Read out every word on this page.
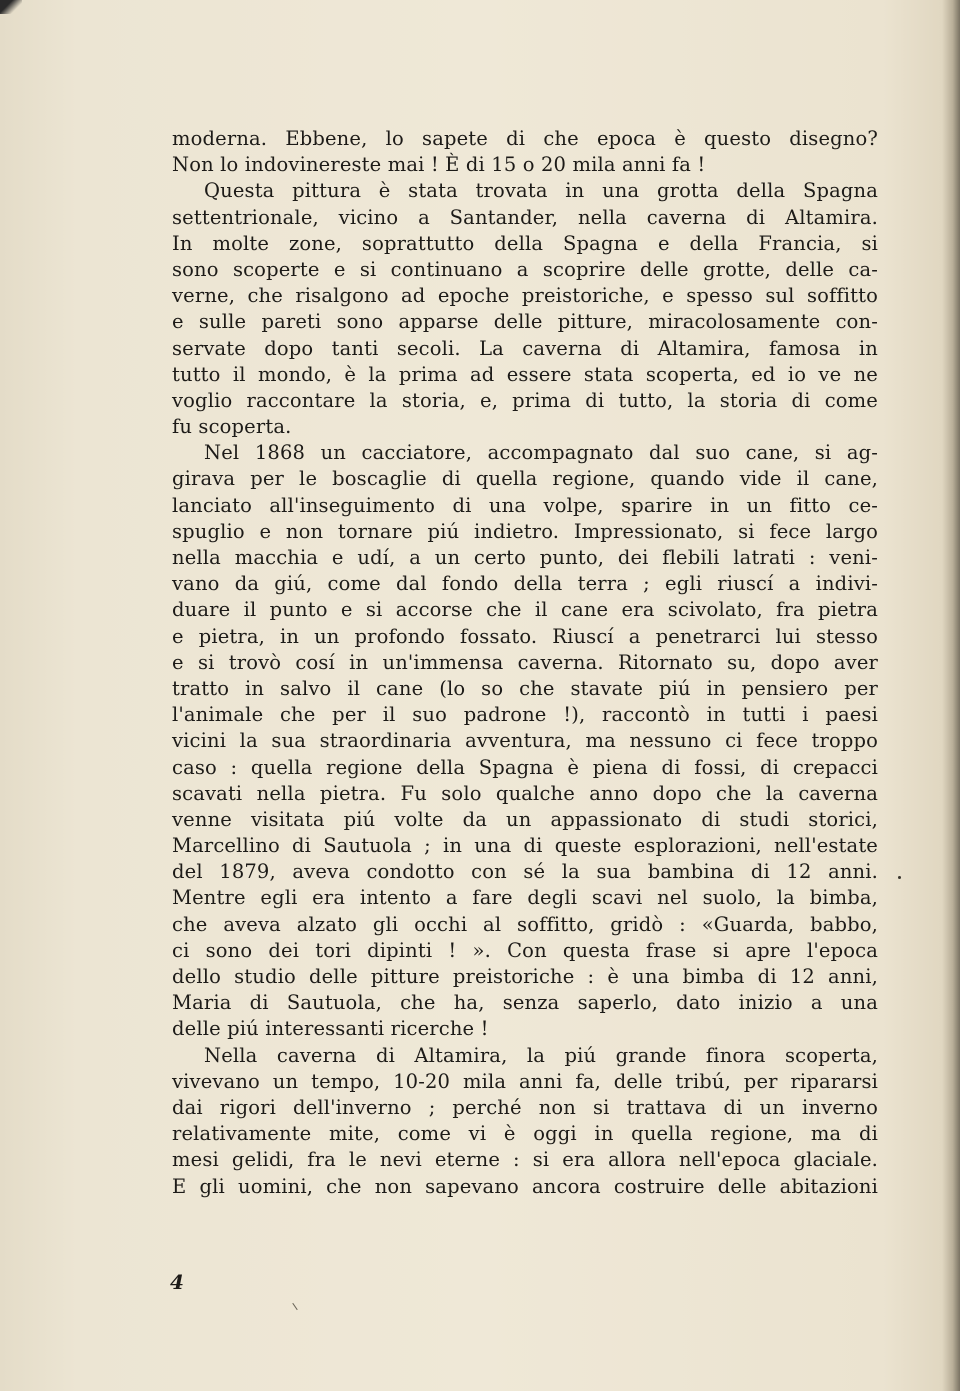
moderna. Ebbene, lo sapete di che epoca è questo disegno?
Non lo indovinereste mai ! È di 15 o 20 mila anni fa !
Questa pittura è stata trovata in una grotta della Spagna
settentrionale, vicino a Santander, nella caverna di Altamira.
In molte zone, soprattutto della Spagna e della Francia, si
sono scoperte e si continuano a scoprire delle grotte, delle ca-
verne, che risalgono ad epoche preistoriche, e spesso sul soffitto
e sulle pareti sono apparse delle pitture, miracolosamente con-
servate dopo tanti secoli. La caverna di Altamira, famosa in
tutto il mondo, è la prima ad essere stata scoperta, ed io ve ne
voglio raccontare la storia, e, prima di tutto, la storia di come
fu scoperta.
Nel 1868 un cacciatore, accompagnato dal suo cane, si ag-
girava per le boscaglie di quella regione, quando vide il cane,
lanciato all'inseguimento di una volpe, sparire in un fitto ce-
spuglio e non tornare piú indietro. Impressionato, si fece largo
nella macchia e udí, a un certo punto, dei flebili latrati : veni-
vano da giú, come dal fondo della terra ; egli riuscí a indivi-
duare il punto e si accorse che il cane era scivolato, fra pietra
e pietra, in un profondo fossato. Riuscí a penetrarci lui stesso
e si trovò cosí in un'immensa caverna. Ritornato su, dopo aver
tratto in salvo il cane (lo so che stavate piú in pensiero per
l'animale che per il suo padrone !), raccontò in tutti i paesi
vicini la sua straordinaria avventura, ma nessuno ci fece troppo
caso : quella regione della Spagna è piena di fossi, di crepacci
scavati nella pietra. Fu solo qualche anno dopo che la caverna
venne visitata piú volte da un appassionato di studi storici,
Marcellino di Sautuola ; in una di queste esplorazioni, nell'estate
del 1879, aveva condotto con sé la sua bambina di 12 anni.
Mentre egli era intento a fare degli scavi nel suolo, la bimba,
che aveva alzato gli occhi al soffitto, gridò : «Guarda, babbo,
ci sono dei tori dipinti ! ». Con questa frase si apre l'epoca
dello studio delle pitture preistoriche : è una bimba di 12 anni,
Maria di Sautuola, che ha, senza saperlo, dato inizio a una
delle piú interessanti ricerche !
Nella caverna di Altamira, la piú grande finora scoperta,
vivevano un tempo, 10-20 mila anni fa, delle tribú, per ripararsi
dai rigori dell'inverno ; perché non si trattava di un inverno
relativamente mite, come vi è oggi in quella regione, ma di
mesi gelidi, fra le nevi eterne : si era allora nell'epoca glaciale.
E gli uomini, che non sapevano ancora costruire delle abitazioni
4
